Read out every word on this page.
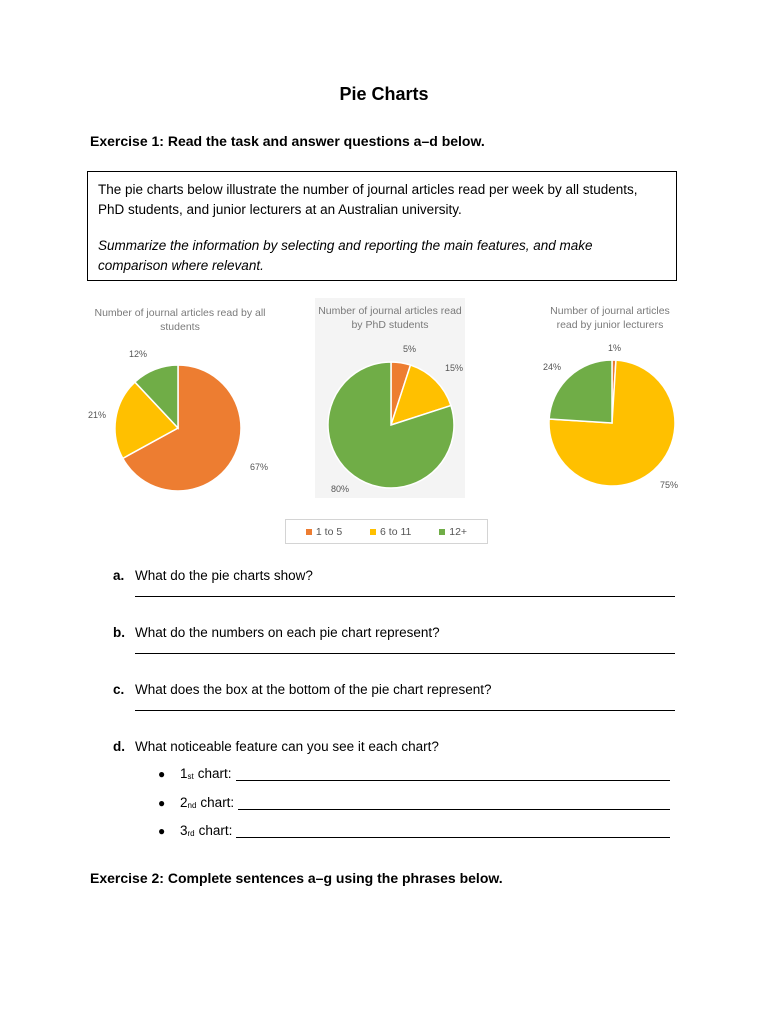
Pie Charts
Exercise 1: Read the task and answer questions a–d below.

The pie charts below illustrate the number of journal articles read per week by all students, PhD students, and junior lecturers at an Australian university.

Summarize the information by selecting and reporting the main features, and make comparison where relevant.

Number of journal articles read by all students
67%
21%
12%
Number of journal articles read by PhD students
5%
15%
80%
Number of journal articles read by junior lecturers
1%
75%
24%
1 to 5	6 to 11	12+
a. What do the pie charts show?
b. What do the numbers on each pie chart represent?
c. What does the box at the bottom of the pie chart represent?
d. What noticeable feature can you see it each chart?
●	$1_{st}$ chart:
●	$2_{nd}$ chart:
●	$3_{rd}$ chart:
Exercise 2: Complete sentences a–g using the phrases below.
